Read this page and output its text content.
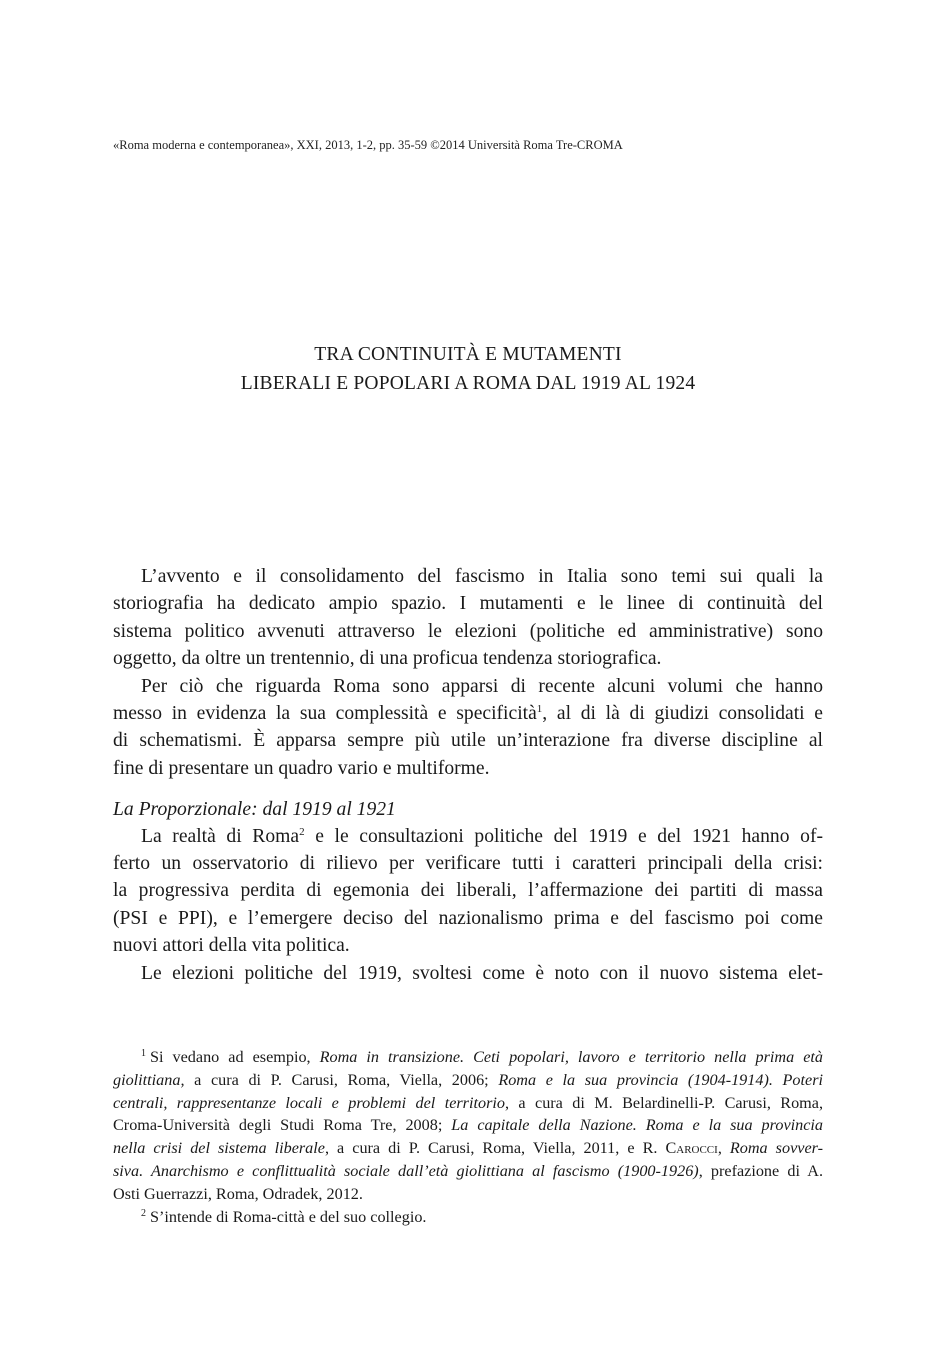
«Roma moderna e contemporanea», XXI, 2013, 1-2, pp. 35-59 ©2014 Università Roma Tre-CROMA
TRA CONTINUITÀ E MUTAMENTI
LIBERALI E POPOLARI A ROMA DAL 1919 AL 1924

L’avvento e il consolidamento del fascismo in Italia sono temi sui quali la
storiografia ha dedicato ampio spazio. I mutamenti e le linee di continuità del
sistema politico avvenuti attraverso le elezioni (politiche ed amministrative) sono
oggetto, da oltre un trentennio, di una proficua tendenza storiografica.

Per ciò che riguarda Roma sono apparsi di recente alcuni volumi che hanno
messo in evidenza la sua complessità e specificità$^1$, al di là di giudizi consolidati e
di schematismi. È apparsa sempre più utile un’interazione fra diverse discipline al
fine di presentare un quadro vario e multiforme.

La Proporzionale: dal 1919 al 1921

La realtà di Roma$^2$ e le consultazioni politiche del 1919 e del 1921 hanno of-
ferto un osservatorio di rilievo per verificare tutti i caratteri principali della crisi:
la progressiva perdita di egemonia dei liberali, l’affermazione dei partiti di massa
(PSI e PPI), e l’emergere deciso del nazionalismo prima e del fascismo poi come
nuovi attori della vita politica.

Le elezioni politiche del 1919, svoltesi come è noto con il nuovo sistema elet-

$^1$ Si vedano ad esempio, Roma in transizione. Ceti popolari, lavoro e territorio nella prima età
giolittiana, a cura di P. Carusi, Roma, Viella, 2006; Roma e la sua provincia (1904-1914). Poteri
centrali, rappresentanze locali e problemi del territorio, a cura di M. Belardinelli-P. Carusi, Roma,
Croma-Università degli Studi Roma Tre, 2008; La capitale della Nazione. Roma e la sua provincia
nella crisi del sistema liberale, a cura di P. Carusi, Roma, Viella, 2011, e R. Carocci, Roma sovver-
siva. Anarchismo e conflittualità sociale dall’età giolittiana al fascismo (1900-1926), prefazione di A.
Osti Guerrazzi, Roma, Odradek, 2012.

$^2$ S’intende di Roma-città e del suo collegio.
